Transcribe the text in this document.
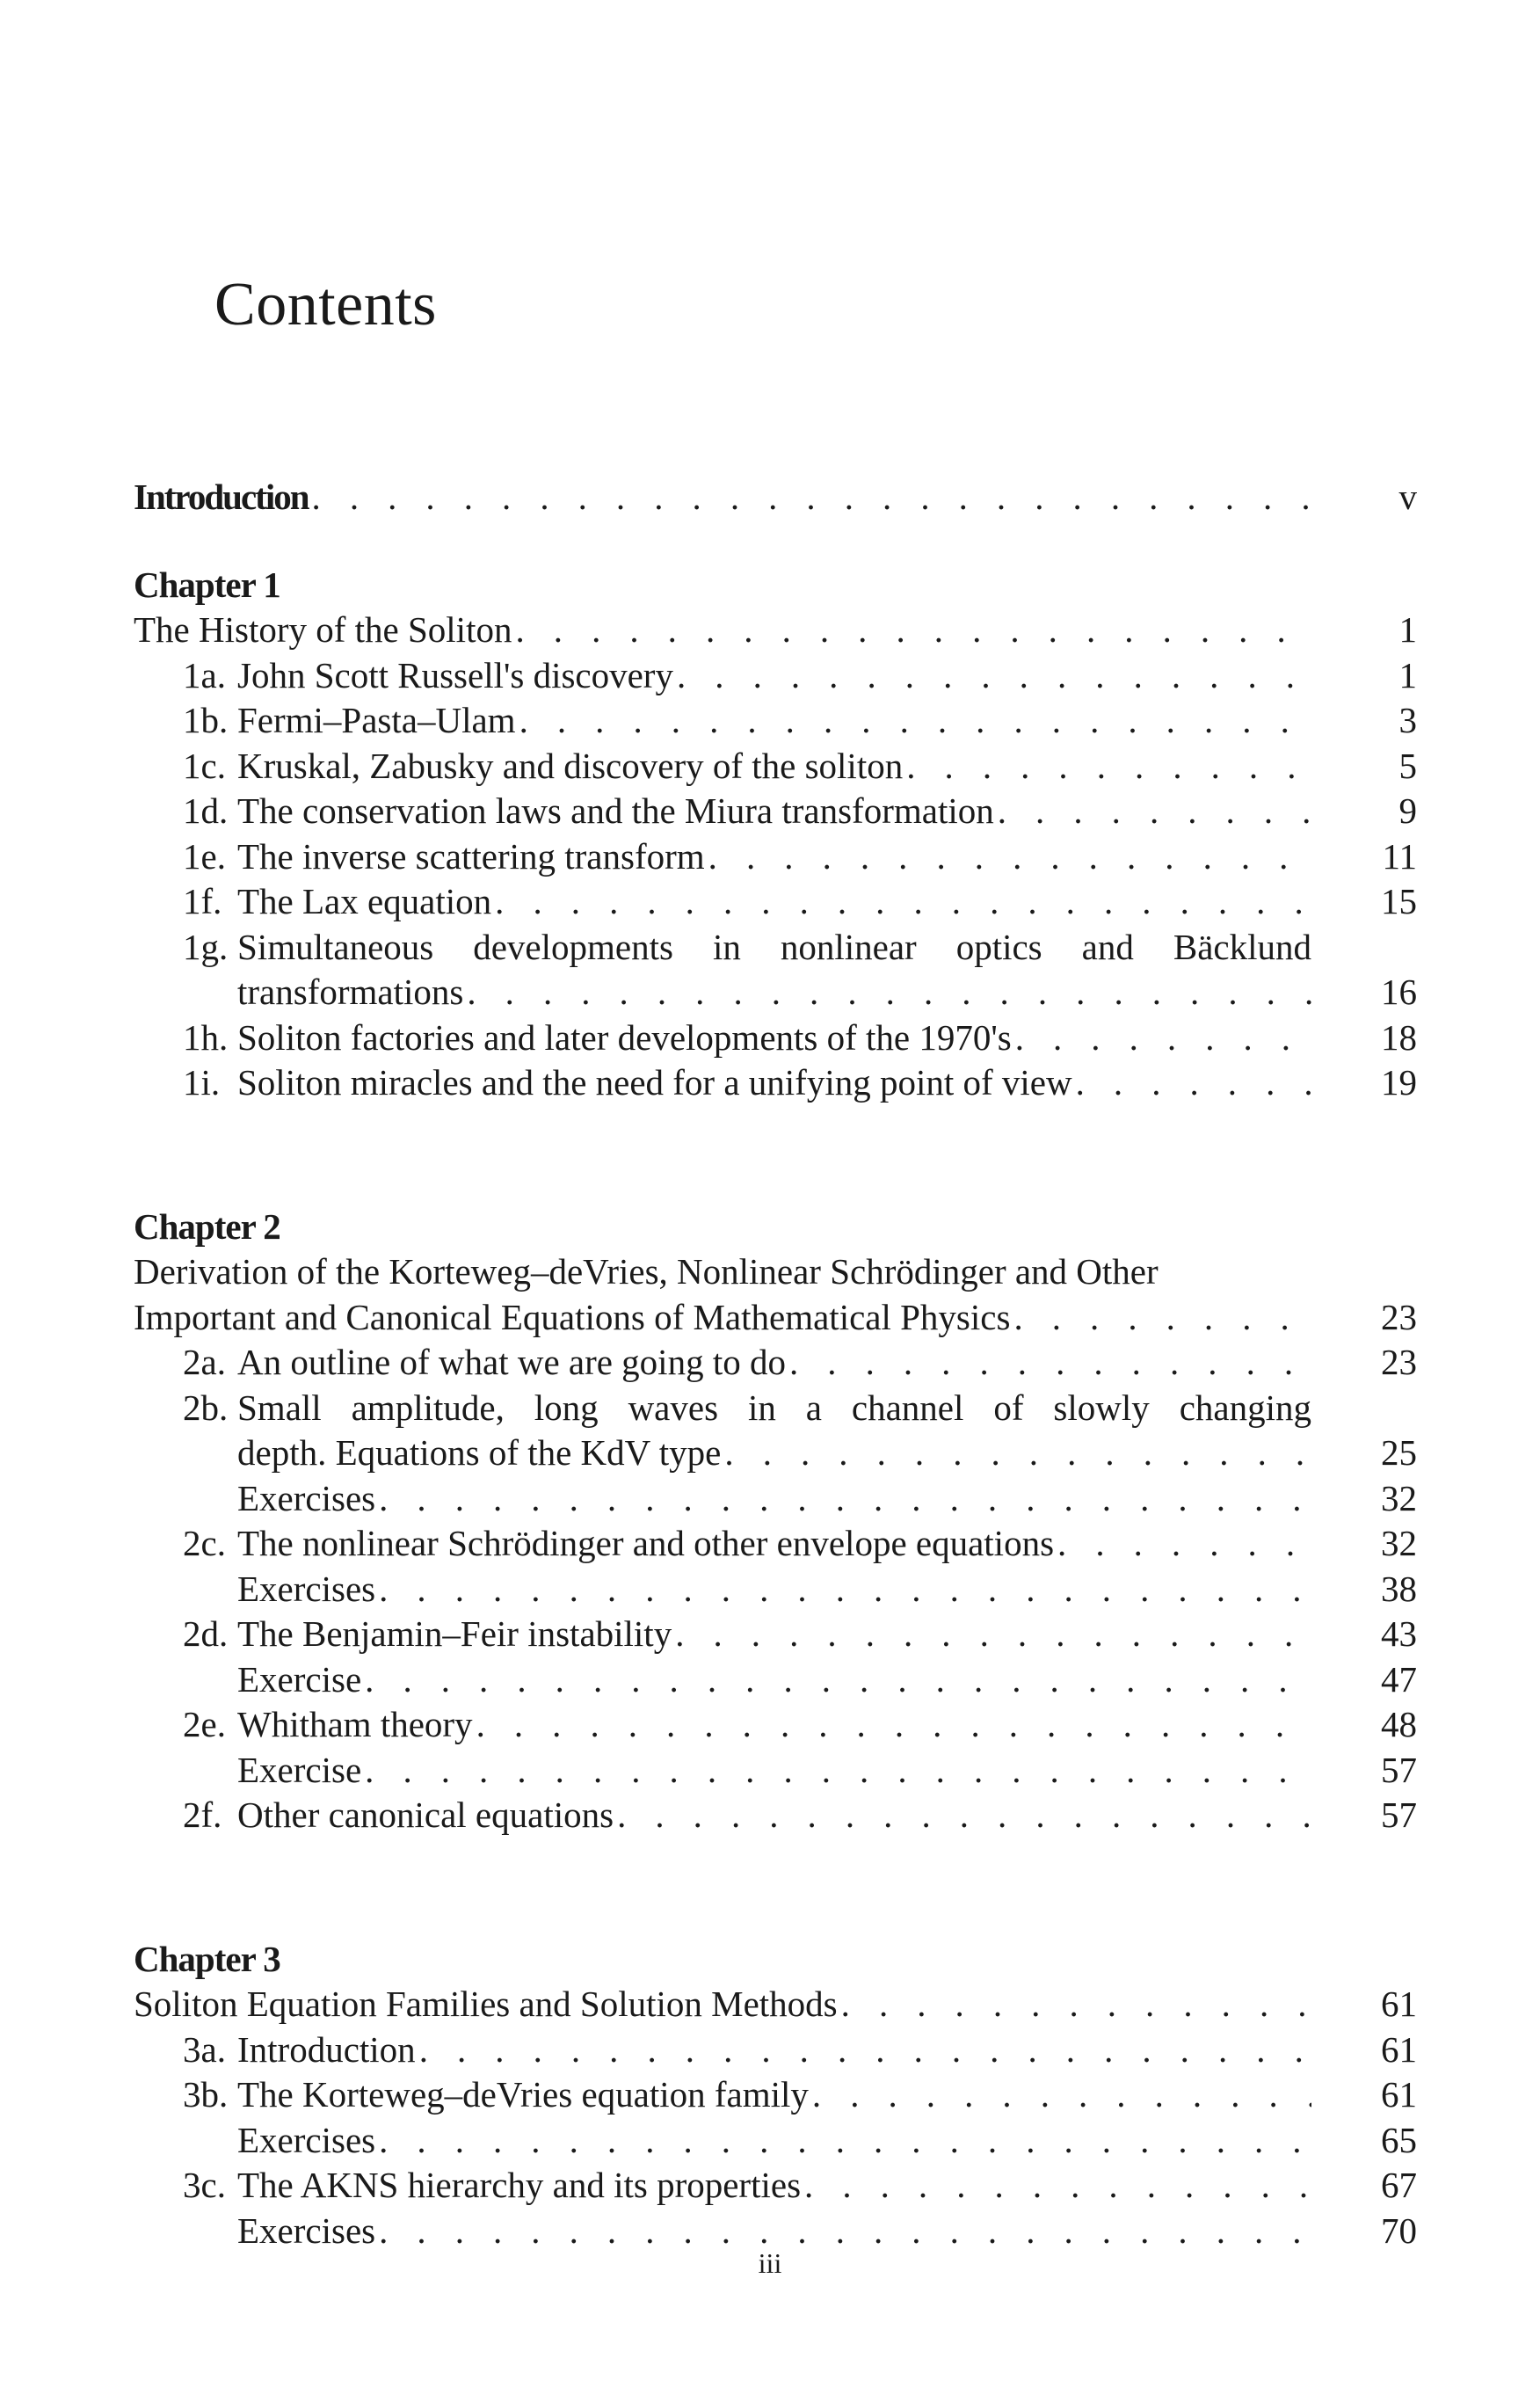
Contents
Introduction . . .	v
Chapter 1
The History of the Soliton . . .	1
1a. John Scott Russell's discovery . . .	1
1b. Fermi–Pasta–Ulam . . .	3
1c. Kruskal, Zabusky and discovery of the soliton . . .	5
1d. The conservation laws and the Miura transformation . . .	9
1e. The inverse scattering transform . . .	11
1f. The Lax equation . . .	15
1g. Simultaneous developments in nonlinear optics and Bäcklund
transformations . . .	16
1h. Soliton factories and later developments of the 1970's . . .	18
1i. Soliton miracles and the need for a unifying point of view . . .	19
Chapter 2
Derivation of the Korteweg–deVries, Nonlinear Schrödinger and Other
Important and Canonical Equations of Mathematical Physics . . .	23
2a. An outline of what we are going to do . . .	23
2b. Small amplitude, long waves in a channel of slowly changing
depth. Equations of the KdV type . . .	25
Exercises . . .	32
2c. The nonlinear Schrödinger and other envelope equations . . .	32
Exercises . . .	38
2d. The Benjamin–Feir instability . . .	43
Exercise . . .	47
2e. Whitham theory . . .	48
Exercise . . .	57
2f. Other canonical equations . . .	57
Chapter 3
Soliton Equation Families and Solution Methods . . .	61
3a. Introduction . . .	61
3b. The Korteweg–deVries equation family . . .	61
Exercises . . .	65
3c. The AKNS hierarchy and its properties . . .	67
Exercises . . .	70
iii
